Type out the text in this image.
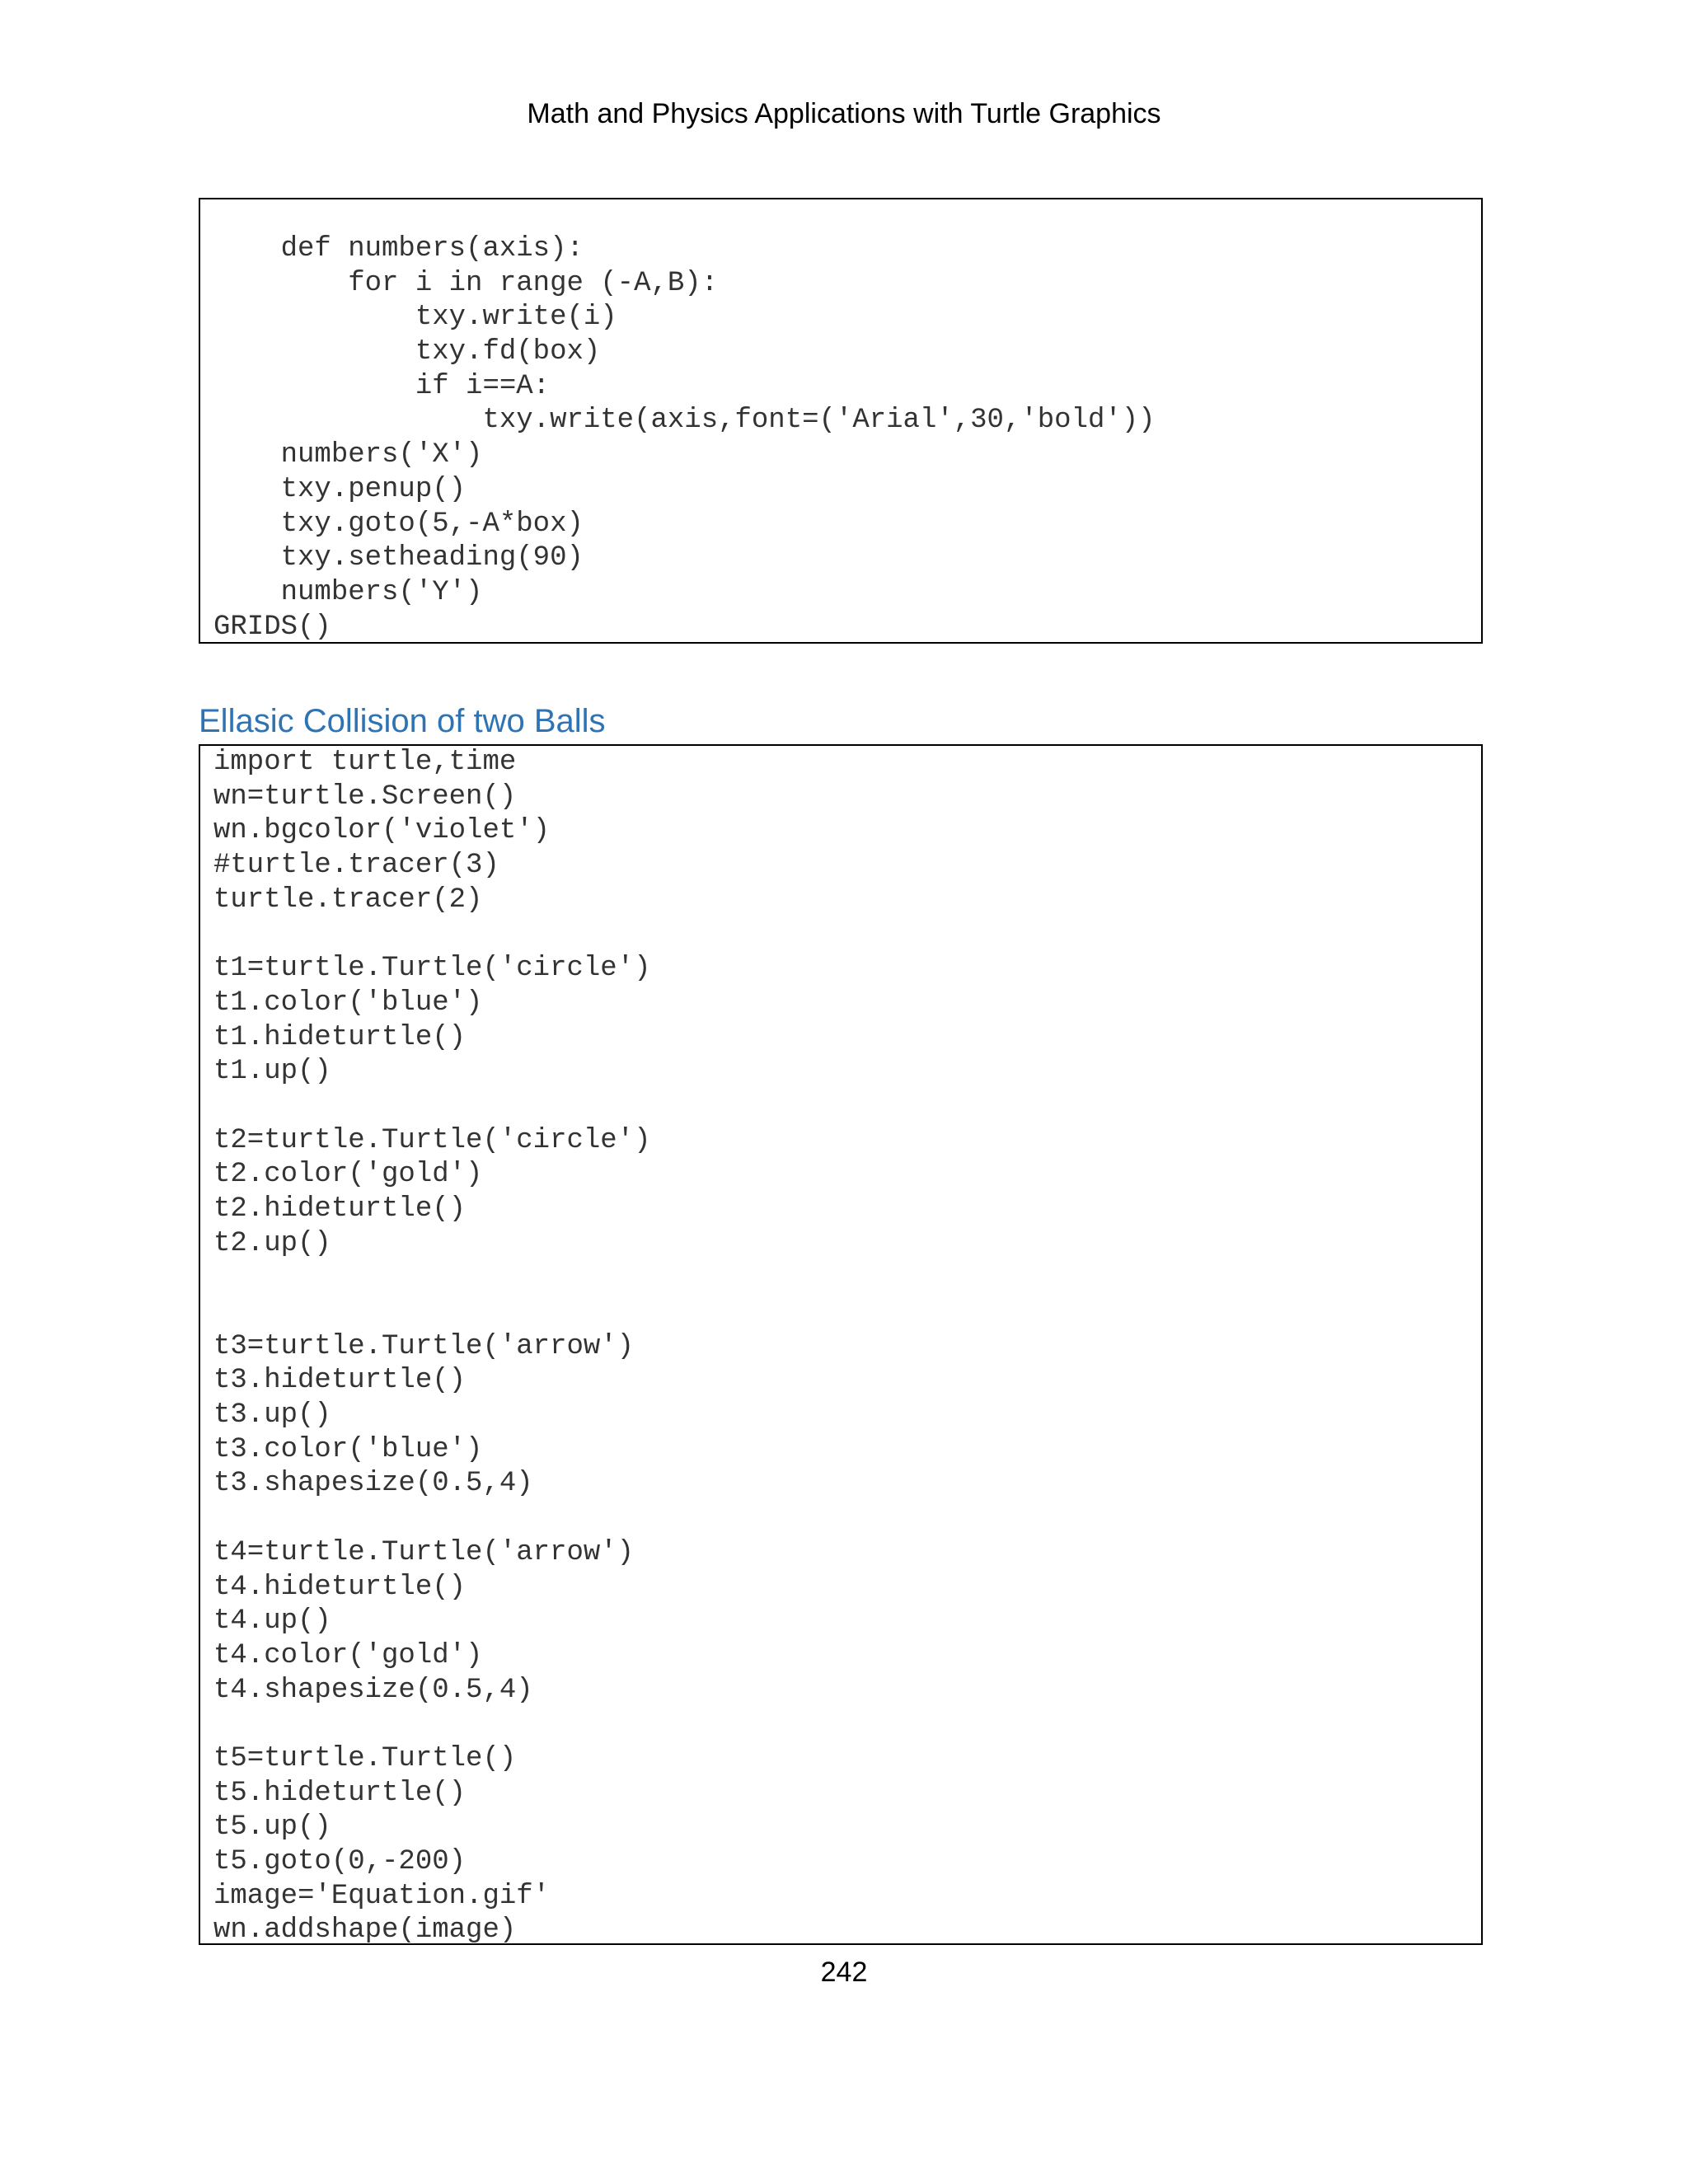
Math and Physics Applications with Turtle Graphics
def numbers(axis):
for i in range (-A,B):
txy.write(i)
txy.fd(box)
if i==A:
txy.write(axis,font=('Arial',30,'bold'))
numbers('X')
txy.penup()
txy.goto(5,-A*box)
txy.setheading(90)
numbers('Y')
GRIDS()
Ellasic Collision of two Balls
import turtle,time
wn=turtle.Screen()
wn.bgcolor('violet')
#turtle.tracer(3)
turtle.tracer(2)
t1=turtle.Turtle('circle')
t1.color('blue')
t1.hideturtle()
t1.up()
t2=turtle.Turtle('circle')
t2.color('gold')
t2.hideturtle()
t2.up()
t3=turtle.Turtle('arrow')
t3.hideturtle()
t3.up()
t3.color('blue')
t3.shapesize(0.5,4)
t4=turtle.Turtle('arrow')
t4.hideturtle()
t4.up()
t4.color('gold')
t4.shapesize(0.5,4)
t5=turtle.Turtle()
t5.hideturtle()
t5.up()
t5.goto(0,-200)
image='Equation.gif'
wn.addshape(image)
242
